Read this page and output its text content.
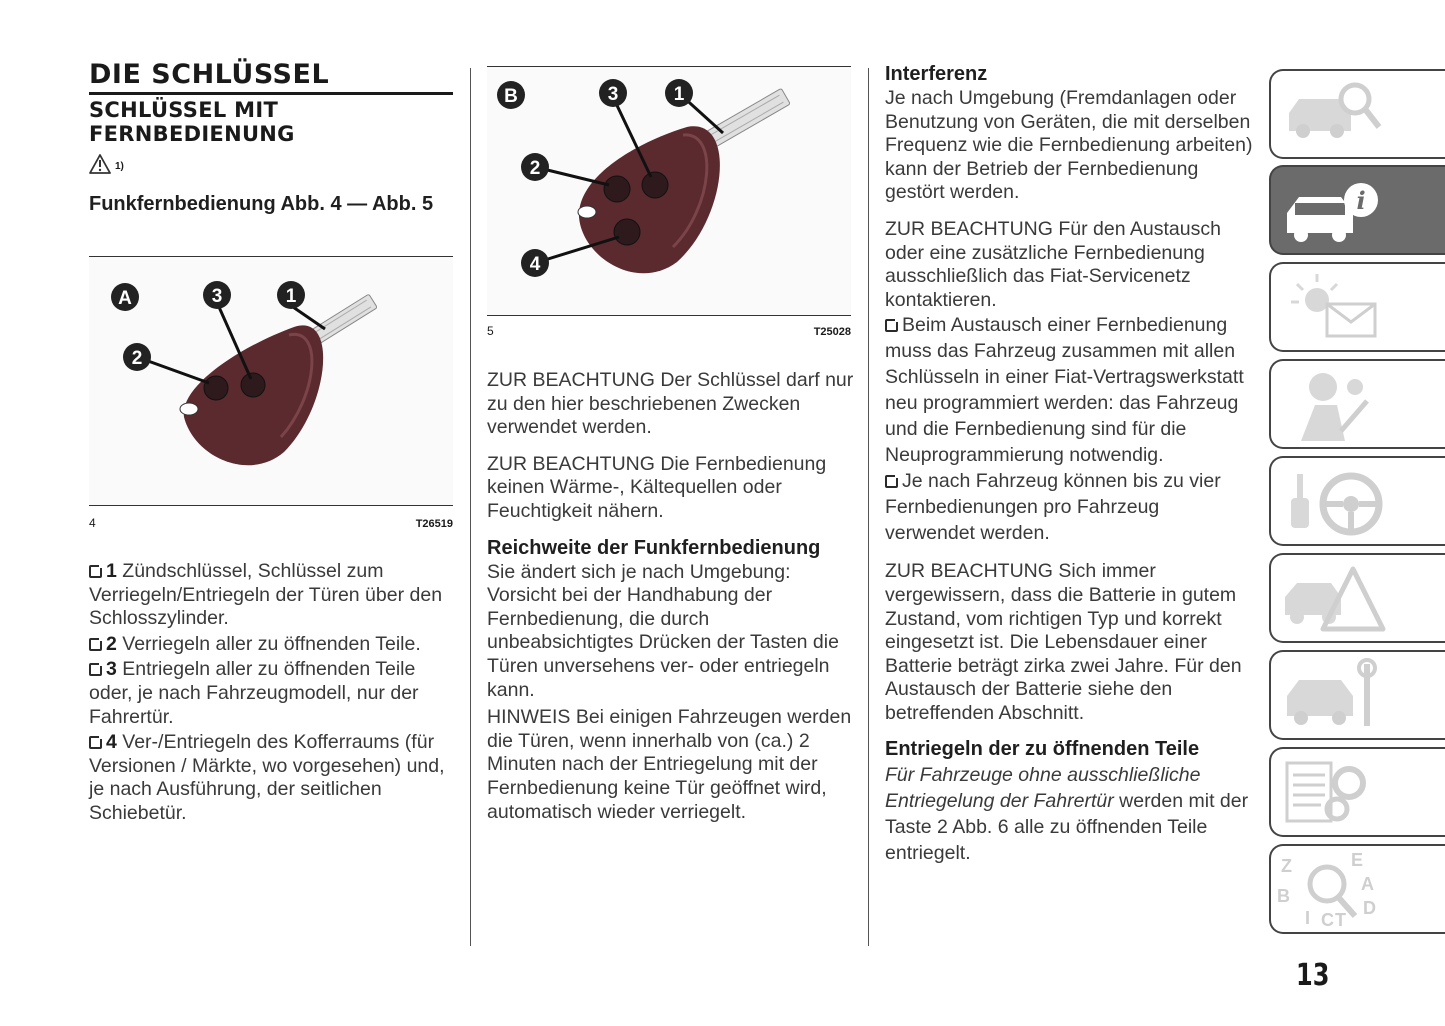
DIE SCHLÜSSEL
SCHLÜSSEL MIT FERNBEDIENUNG
1)
Funkfernbedienung Abb. 4 — Abb. 5
A
2
3	1
4	T26519
1 Zündschlüssel, Schlüssel zum Verriegeln/Entriegeln der Türen über den Schlosszylinder.
2 Verriegeln aller zu öffnenden Teile.
3 Entriegeln aller zu öffnenden Teile oder, je nach Fahrzeugmodell, nur der Fahrertür.
4 Ver-/Entriegeln des Kofferraums (für Versionen / Märkte, wo vorgesehen) und, je nach Ausführung, der seitlichen Schiebetür.
B
2
3	1
4
5	T25028
ZUR BEACHTUNG Der Schlüssel darf nur zu den hier beschriebenen Zwecken verwendet werden.
ZUR BEACHTUNG Die Fernbedienung keinen Wärme-, Kältequellen oder Feuchtigkeit nähern.
Reichweite der Funkfernbedienung
Sie ändert sich je nach Umgebung: Vorsicht bei der Handhabung der Fernbedienung, die durch unbeabsichtigtes Drücken der Tasten die Türen unversehens ver- oder entriegeln kann.
HINWEIS Bei einigen Fahrzeugen werden die Türen, wenn innerhalb von (ca.) 2 Minuten nach der Entriegelung mit der Fernbedienung keine Tür geöffnet wird, automatisch wieder verriegelt.
Interferenz
Je nach Umgebung (Fremdanlagen oder Benutzung von Geräten, die mit derselben Frequenz wie die Fernbedienung arbeiten) kann der Betrieb der Fernbedienung gestört werden.
ZUR BEACHTUNG Für den Austausch oder eine zusätzliche Fernbedienung ausschließlich das Fiat-Servicenetz kontaktieren.
Beim Austausch einer Fernbedienung muss das Fahrzeug zusammen mit allen Schlüsseln in einer Fiat-Vertragswerkstatt neu programmiert werden: das Fahrzeug und die Fernbedienung sind für die Neuprogrammierung notwendig.
Je nach Fahrzeug können bis zu vier Fernbedienungen pro Fahrzeug verwendet werden.
ZUR BEACHTUNG Sich immer vergewissern, dass die Batterie in gutem Zustand, vom richtigen Typ und korrekt eingesetzt ist. Die Lebensdauer einer Batterie beträgt zirka zwei Jahre. Für den Austausch der Batterie siehe den betreffenden Abschnitt.
Entriegeln der zu öffnenden Teile
Für Fahrzeuge ohne ausschließliche Entriegelung der Fahrertür werden mit der Taste 2 Abb. 6 alle zu öffnenden Teile entriegelt.
i
Z	E
A
B
C
D
I T
13
